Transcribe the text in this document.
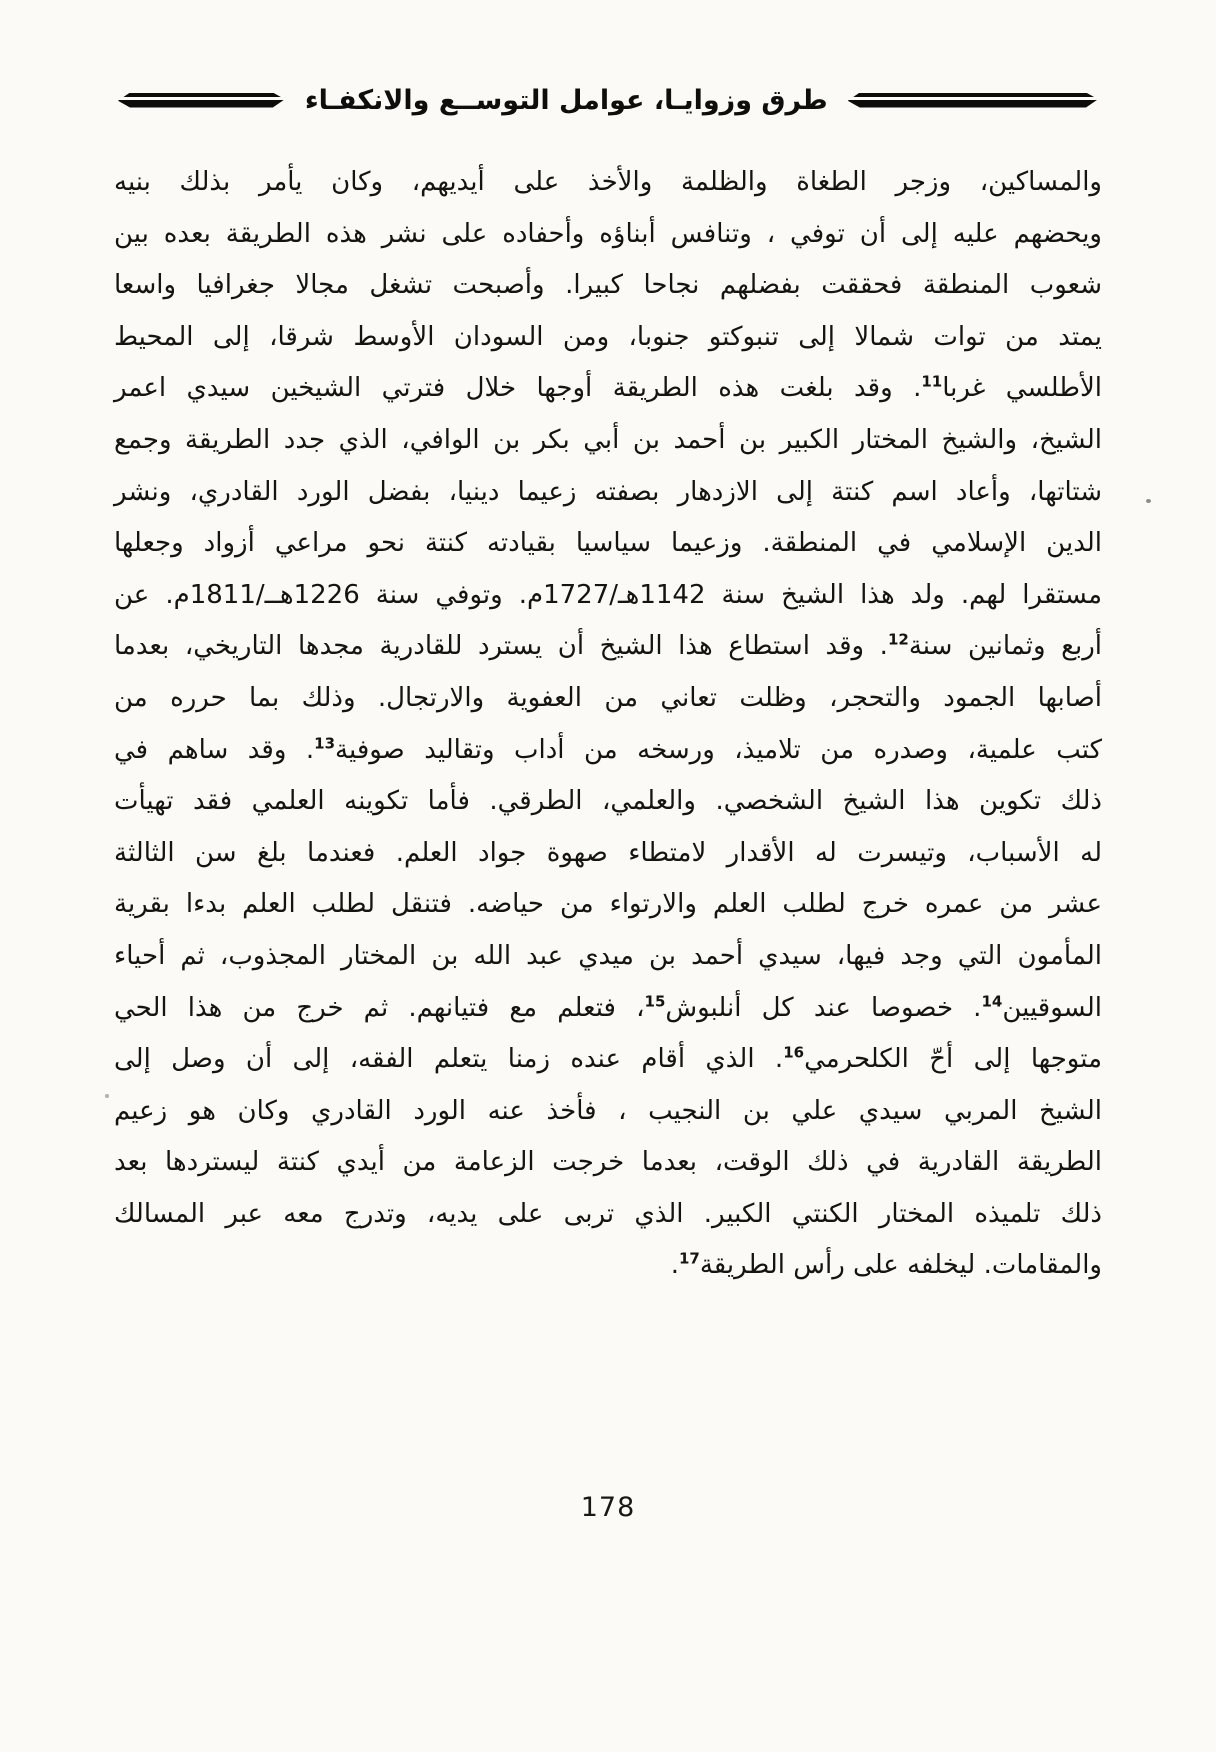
طرق وزوايـا، عوامل التوســع والانكفـاء
والمساكين، وزجر الطغاة والظلمة والأخذ على أيديهم، وكان يأمر بذلك بنيه
ويحضهم عليه إلى أن توفي ، وتنافس أبناؤه وأحفاده على نشر هذه الطريقة بعده بين
شعوب المنطقة فحققت بفضلهم نجاحا كبيرا. وأصبحت تشغل مجالا جغرافيا واسعا
يمتد من توات شمالا إلى تنبوكتو جنوبا، ومن السودان الأوسط شرقا، إلى المحيط
الأطلسي غربا$^{11}$. وقد بلغت هذه الطريقة أوجها خلال فترتي الشيخين سيدي اعمر
الشيخ، والشيخ المختار الكبير بن أحمد بن أبي بكر بن الوافي، الذي جدد الطريقة وجمع
شتاتها، وأعاد اسم كنتة إلى الازدهار بصفته زعيما دينيا، بفضل الورد القادري، ونشر
الدين الإسلامي في المنطقة. وزعيما سياسيا بقيادته كنتة نحو مراعي أزواد وجعلها
مستقرا لهم. ولد هذا الشيخ سنة 1142هـ/1727م. وتوفي سنة 1226هــ/1811م. عن
أربع وثمانين سنة$^{12}$. وقد استطاع هذا الشيخ أن يسترد للقادرية مجدها التاريخي، بعدما
أصابها الجمود والتحجر، وظلت تعاني من العفوية والارتجال. وذلك بما حرره من
كتب علمية، وصدره من تلاميذ، ورسخه من أداب وتقاليد صوفية$^{13}$. وقد ساهم في
ذلك تكوين هذا الشيخ الشخصي. والعلمي، الطرقي. فأما تكوينه العلمي فقد تهيأت
له الأسباب، وتيسرت له الأقدار لامتطاء صهوة جواد العلم. فعندما بلغ سن الثالثة
عشر من عمره خرج لطلب العلم والارتواء من حياضه. فتنقل لطلب العلم بدءا بقرية
المأمون التي وجد فيها، سيدي أحمد بن ميدي عبد الله بن المختار المجذوب، ثم أحياء
السوقيين$^{14}$. خصوصا عند كل أنلبوش$^{15}$، فتعلم مع فتيانهم. ثم خرج من هذا الحي
متوجها إلى أحّ الكلحرمي$^{16}$. الذي أقام عنده زمنا يتعلم الفقه، إلى أن وصل إلى
الشيخ المربي سيدي علي بن النجيب ، فأخذ عنه الورد القادري وكان هو زعيم
الطريقة القادرية في ذلك الوقت، بعدما خرجت الزعامة من أيدي كنتة ليستردها بعد
ذلك تلميذه المختار الكنتي الكبير. الذي تربى على يديه، وتدرج معه عبر المسالك
والمقامات. ليخلفه على رأس الطريقة$^{17}$.
178
